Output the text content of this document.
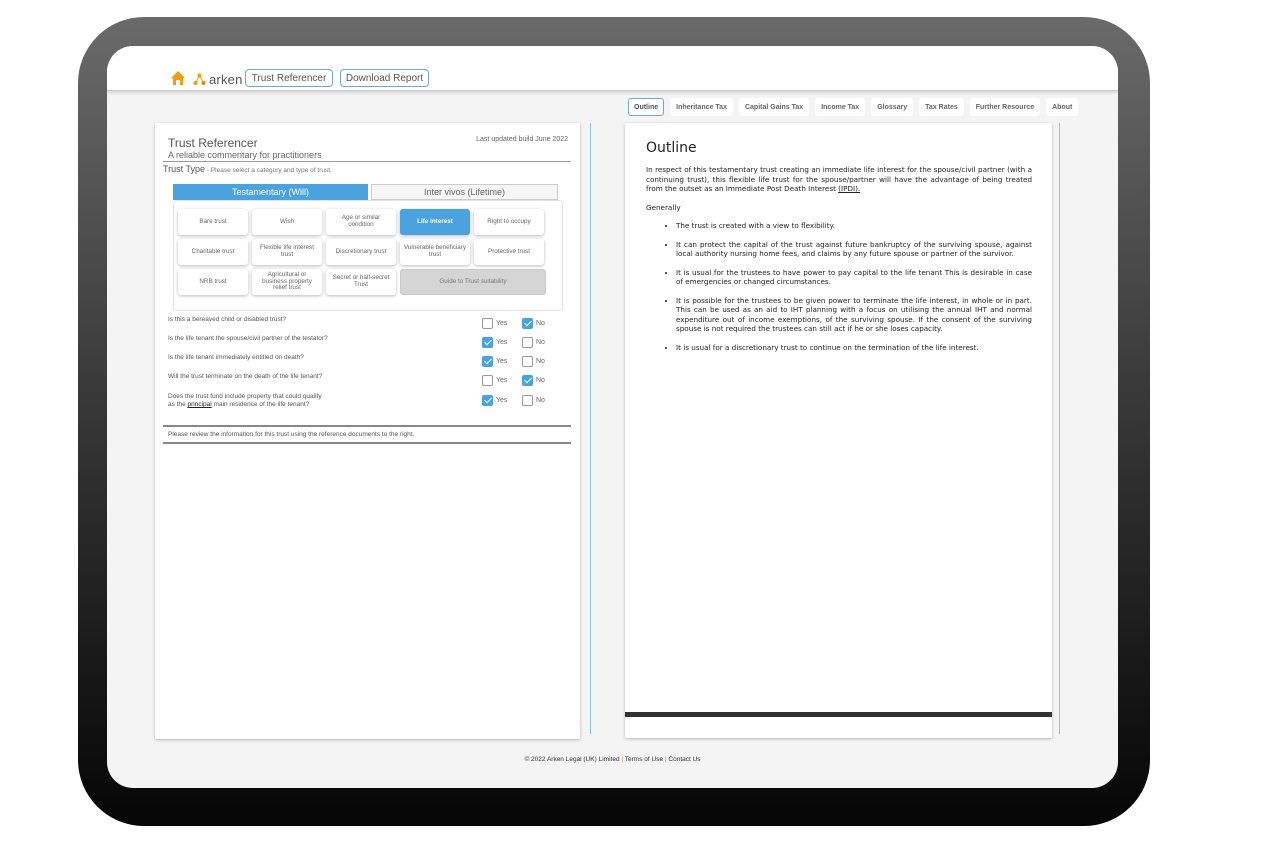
arken Trust Referencer	Download Report
Outline	Inheritance Tax	Capital Gains Tax	Income Tax	Glossary	Tax Rates	Further Resource	About
Trust Referencer
A reliable commentary for practitioners
Last updated build June 2022
Trust Type - Please select a category and type of trust.
Testamentary (Will)	Inter vivos (Lifetime)
Bare trust	Wish	Age or similar condition	Life interest	Right to occupy
Charitable trust	Flexible life interest trust	Discretionary trust	Vulnerable beneficiary trust	Protective trust
NRB trust
Agricultural or business property relief trust
Secret or half-secret Trust	Guide to Trust suitability
Is this a bereaved child or disabled trust?
Yes	No
Is the life tenant the spouse/civil partner of the testator?
Yes	No
Is the life tenant immediately entitled on death?
Yes	No
Will the trust terminate on the death of the life tenant?
Yes	No
Does the trust fund include property that could qualify
as the principal main residence of the life tenant?
Yes	No
Please review the information for this trust using the reference documents to the right.
Outline

In respect of this testamentary trust creating an immediate life interest for the spouse/civil partner (with a continuing trust), this flexible life trust for the spouse/partner will have the advantage of being treated from the outset as an Immediate Post Death Interest (IPDI).

Generally

• The trust is created with a view to flexibility.
• It can protect the capital of the trust against future bankruptcy of the surviving spouse, against local authority nursing home fees, and claims by any future spouse or partner of the survivor.
• It is usual for the trustees to have power to pay capital to the life tenant This is desirable in case of emergencies or changed circumstances.
• It is possible for the trustees to be given power to terminate the life interest, in whole or in part. This can be used as an aid to IHT planning with a focus on utilising the annual IHT and normal expenditure out of income exemptions, of the surviving spouse. If the consent of the surviving spouse is not required the trustees can still act if he or she loses capacity.
• It is usual for a discretionary trust to continue on the termination of the life interest.
© 2022 Arken Legal (UK) Limited | Terms of Use | Contact Us
